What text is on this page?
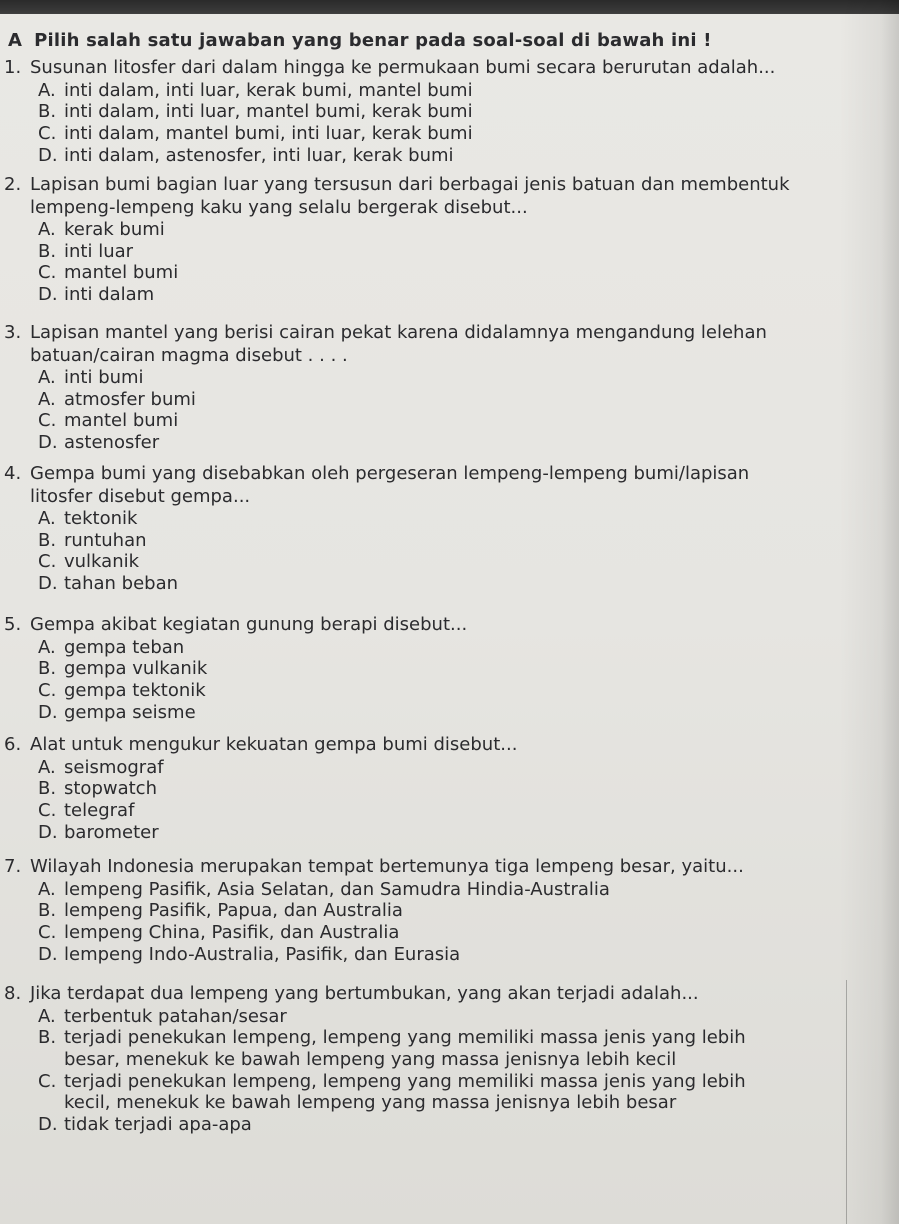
A Pilih salah satu jawaban yang benar pada soal-soal di bawah ini !
1. Susunan litosfer dari dalam hingga ke permukaan bumi secara berurutan adalah...
A. inti dalam, inti luar, kerak bumi, mantel bumi
B. inti dalam, inti luar, mantel bumi, kerak bumi
C. inti dalam, mantel bumi, inti luar, kerak bumi
D. inti dalam, astenosfer, inti luar, kerak bumi
2. Lapisan bumi bagian luar yang tersusun dari berbagai jenis batuan dan membentuk
lempeng-lempeng kaku yang selalu bergerak disebut...
A. kerak bumi
B. inti luar
C. mantel bumi
D. inti dalam
3. Lapisan mantel yang berisi cairan pekat karena didalamnya mengandung lelehan
batuan/cairan magma disebut . . . .
A. inti bumi
A. atmosfer bumi
C. mantel bumi
D. astenosfer
4. Gempa bumi yang disebabkan oleh pergeseran lempeng-lempeng bumi/lapisan
litosfer disebut gempa...
A. tektonik
B. runtuhan
C. vulkanik
D. tahan beban
5. Gempa akibat kegiatan gunung berapi disebut...
A. gempa teban
B. gempa vulkanik
C. gempa tektonik
D. gempa seisme
6. Alat untuk mengukur kekuatan gempa bumi disebut...
A. seismograf
B. stopwatch
C. telegraf
D. barometer
7. Wilayah Indonesia merupakan tempat bertemunya tiga lempeng besar, yaitu...
A. lempeng Pasifik, Asia Selatan, dan Samudra Hindia-Australia
B. lempeng Pasifik, Papua, dan Australia
C. lempeng China, Pasifik, dan Australia
D. lempeng Indo-Australia, Pasifik, dan Eurasia
8. Jika terdapat dua lempeng yang bertumbukan, yang akan terjadi adalah...
A. terbentuk patahan/sesar
B. terjadi penekukan lempeng, lempeng yang memiliki massa jenis yang lebih
besar, menekuk ke bawah lempeng yang massa jenisnya lebih kecil
C. terjadi penekukan lempeng, lempeng yang memiliki massa jenis yang lebih
kecil, menekuk ke bawah lempeng yang massa jenisnya lebih besar
D. tidak terjadi apa-apa
